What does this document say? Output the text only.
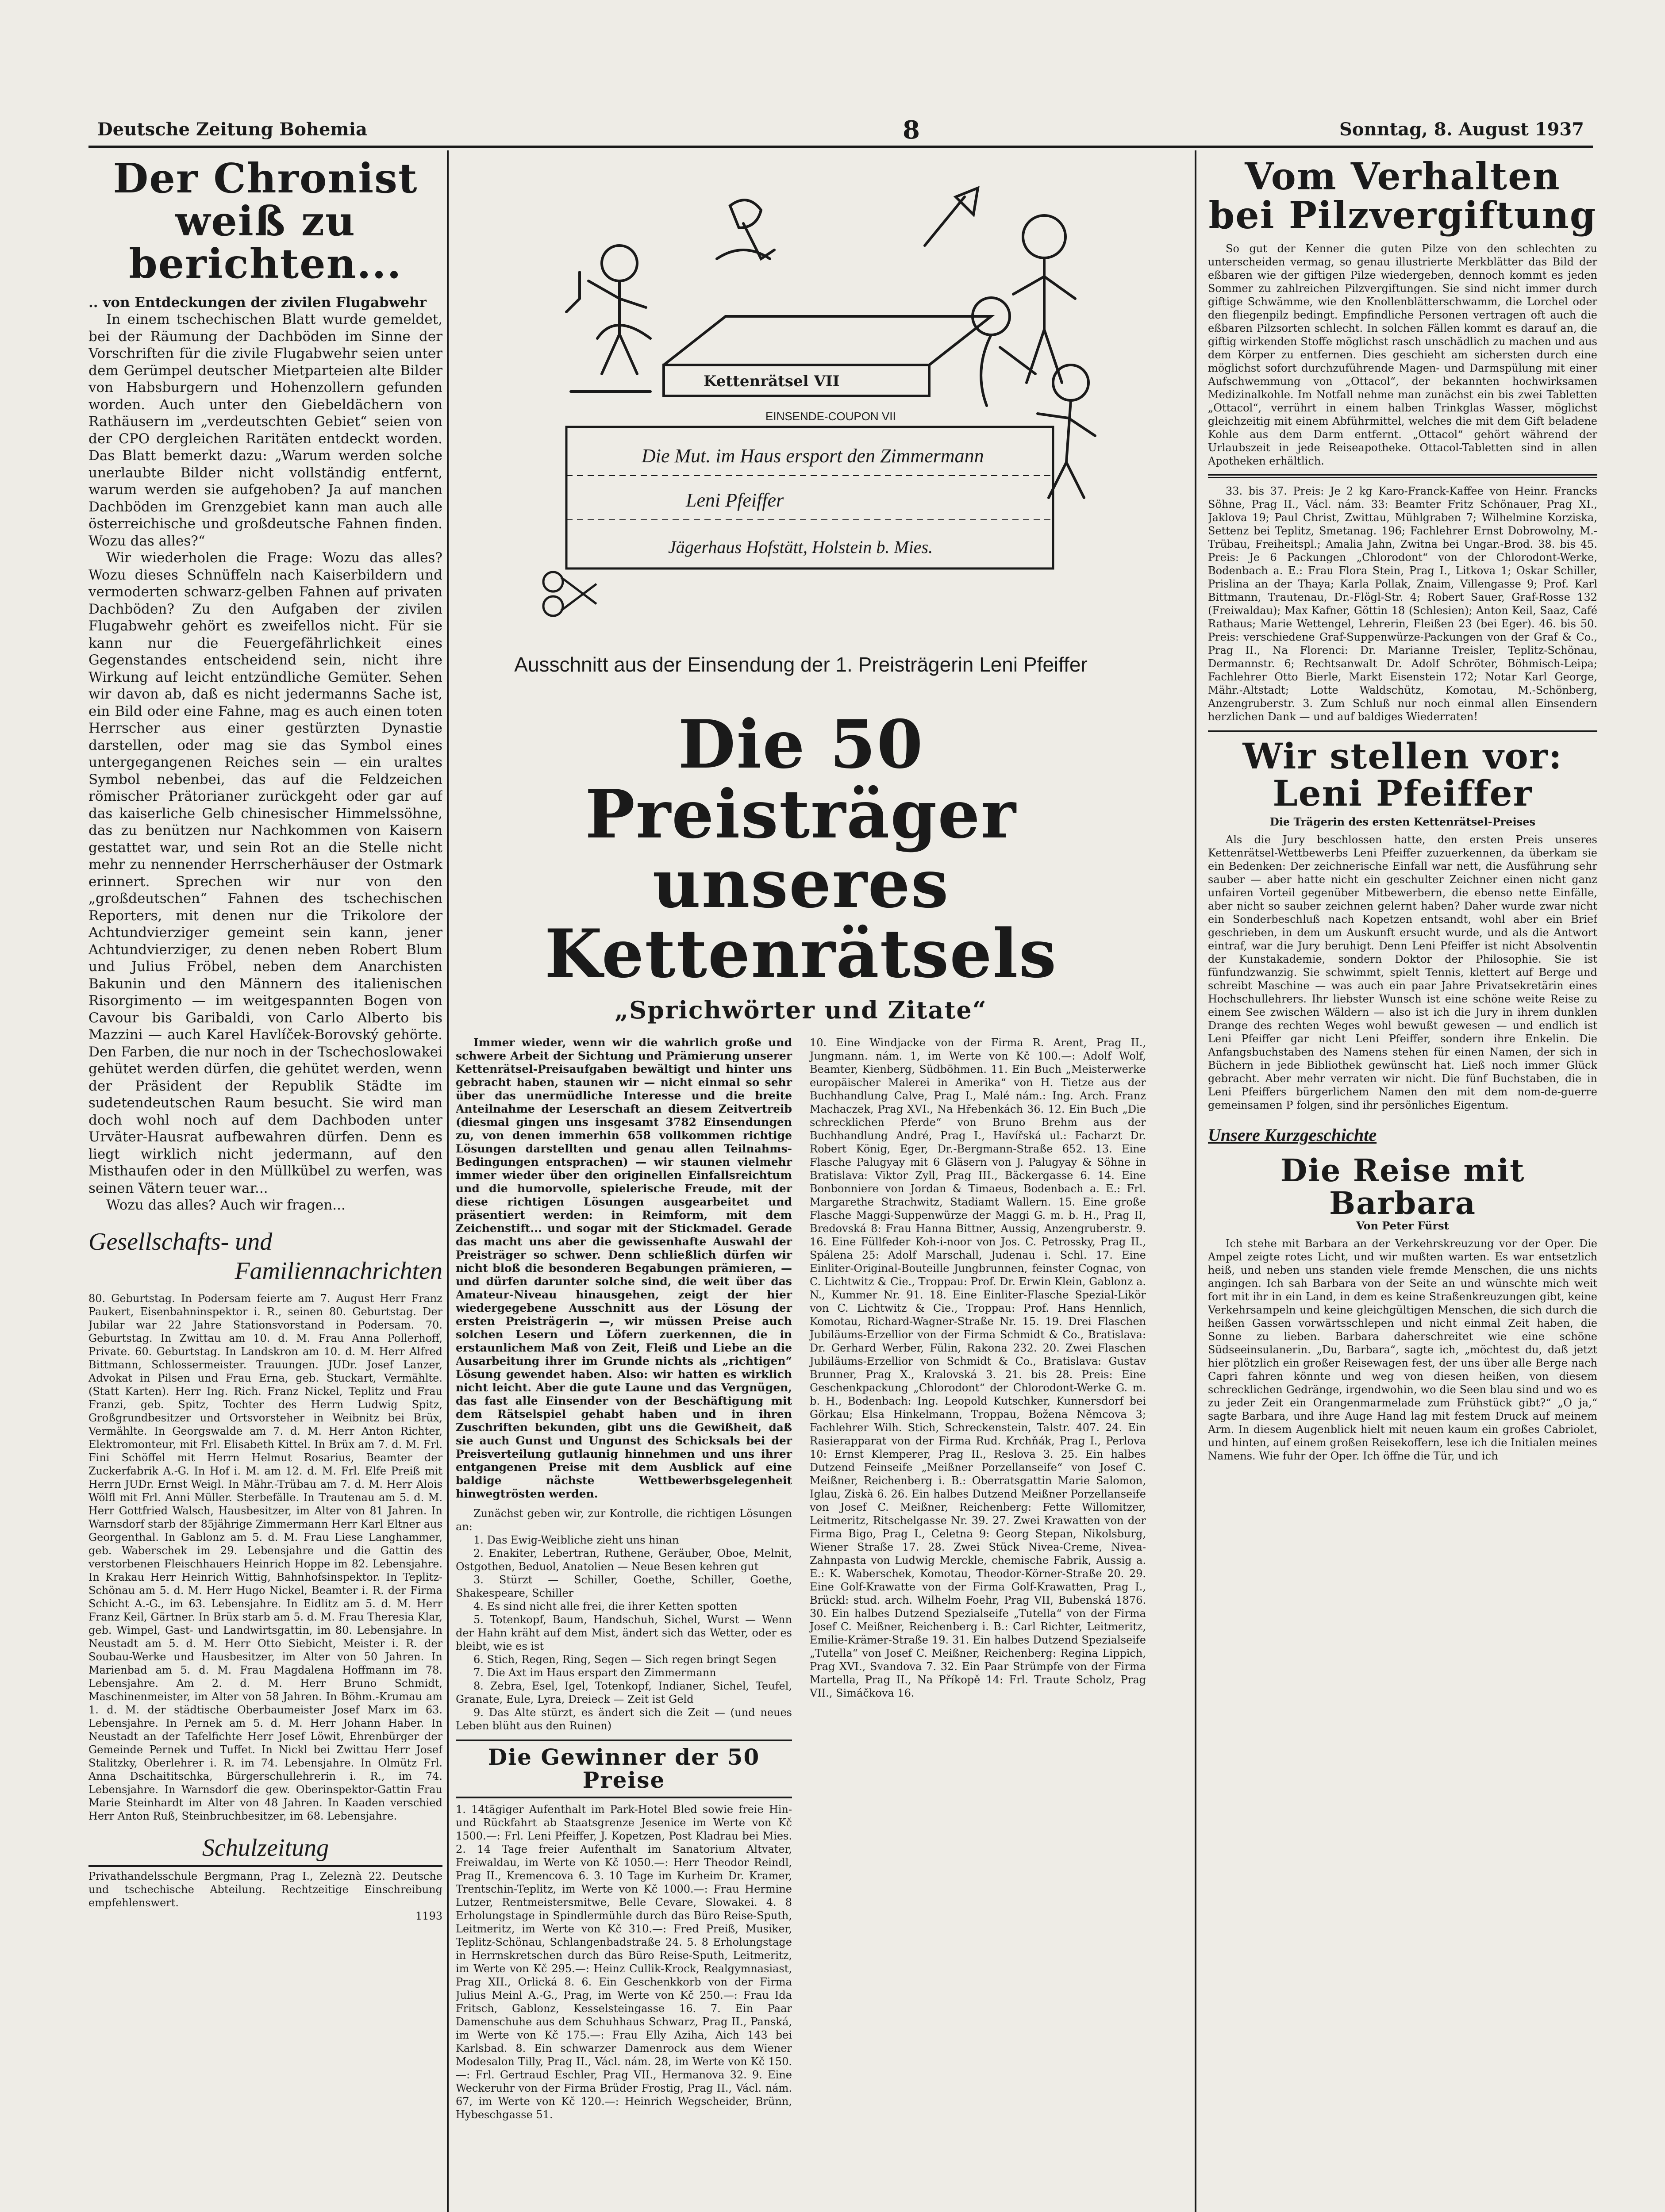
Deutsche Zeitung Bohemia	8	Sonntag, 8. August 1937
Der Chronist weiß zu berichten...
.. von Entdeckungen der zivilen Flugabwehr

In einem tschechischen Blatt wurde gemeldet, bei der Räumung der Dachböden im Sinne der Vorschriften für die zivile Flugabwehr seien unter dem Gerümpel deutscher Mietparteien alte Bilder von Habsburgern und Hohenzollern gefunden worden. Auch unter den Giebeldächern von Rathäusern im „verdeutschten Gebiet“ seien von der CPO dergleichen Raritäten entdeckt worden. Das Blatt bemerkt dazu: „Warum werden solche unerlaubte Bilder nicht vollständig entfernt, warum werden sie aufgehoben? Ja auf manchen Dachböden im Grenzgebiet kann man auch alle österreichische und großdeutsche Fahnen finden. Wozu das alles?“

Wir wiederholen die Frage: Wozu das alles? Wozu dieses Schnüffeln nach Kaiserbildern und vermoderten schwarz-gelben Fahnen auf privaten Dachböden? Zu den Aufgaben der zivilen Flugabwehr gehört es zweifellos nicht. Für sie kann nur die Feuergefährlichkeit eines Gegenstandes entscheidend sein, nicht ihre Wirkung auf leicht entzündliche Gemüter. Sehen wir davon ab, daß es nicht jedermanns Sache ist, ein Bild oder eine Fahne, mag es auch einen toten Herrscher aus einer gestürzten Dynastie darstellen, oder mag sie das Symbol eines untergegangenen Reiches sein — ein uraltes Symbol nebenbei, das auf die Feldzeichen römischer Prätorianer zurückgeht oder gar auf das kaiserliche Gelb chinesischer Himmelssöhne, das zu benützen nur Nachkommen von Kaisern gestattet war, und sein Rot an die Stelle nicht mehr zu nennender Herrscherhäuser der Ostmark erinnert. Sprechen wir nur von den „großdeutschen“ Fahnen des tschechischen Reporters, mit denen nur die Trikolore der Achtundvierziger gemeint sein kann, jener Achtundvierziger, zu denen neben Robert Blum und Julius Fröbel, neben dem Anarchisten Bakunin und den Männern des italienischen Risorgimento — im weitgespannten Bogen von Cavour bis Garibaldi, von Carlo Alberto bis Mazzini — auch Karel Havlíček-Borovský gehörte. Den Farben, die nur noch in der Tschechoslowakei gehütet werden dürfen, die gehütet werden, wenn der Präsident der Republik Städte im sudetendeutschen Raum besucht. Sie wird man doch wohl noch auf dem Dachboden unter Urväter-Hausrat aufbewahren dürfen. Denn es liegt wirklich nicht jedermann, auf den Misthaufen oder in den Müllkübel zu werfen, was seinen Vätern teuer war...

Wozu das alles? Auch wir fragen...

Gesellschafts- und
Familiennachrichten

80. Geburtstag. In Podersam feierte am 7. August Herr Franz Paukert, Eisenbahninspektor i. R., seinen 80. Geburtstag. Der Jubilar war 22 Jahre Stationsvorstand in Podersam. 70. Geburtstag. In Zwittau am 10. d. M. Frau Anna Pollerhoff, Private. 60. Geburtstag. In Landskron am 10. d. M. Herr Alfred Bittmann, Schlossermeister. Trauungen. JUDr. Josef Lanzer, Advokat in Pilsen und Frau Erna, geb. Stuckart, Vermählte. (Statt Karten). Herr Ing. Rich. Franz Nickel, Teplitz und Frau Franzi, geb. Spitz, Tochter des Herrn Ludwig Spitz, Großgrundbesitzer und Ortsvorsteher in Weibnitz bei Brüx, Vermählte. In Georgswalde am 7. d. M. Herr Anton Richter, Elektromonteur, mit Frl. Elisabeth Kittel. In Brüx am 7. d. M. Frl. Fini Schöffel mit Herrn Helmut Rosarius, Beamter der Zuckerfabrik A.-G. In Hof i. M. am 12. d. M. Frl. Elfe Preiß mit Herrn JUDr. Ernst Weigl. In Mähr.-Trübau am 7. d. M. Herr Alois Wölfl mit Frl. Anni Müller. Sterbefälle. In Trautenau am 5. d. M. Herr Gottfried Walsch, Hausbesitzer, im Alter von 81 Jahren. In Warnsdorf starb der 85jährige Zimmermann Herr Karl Eltner aus Georgenthal. In Gablonz am 5. d. M. Frau Liese Langhammer, geb. Waberschek im 29. Lebensjahre und die Gattin des verstorbenen Fleischhauers Heinrich Hoppe im 82. Lebensjahre. In Krakau Herr Heinrich Wittig, Bahnhofsinspektor. In Teplitz-Schönau am 5. d. M. Herr Hugo Nickel, Beamter i. R. der Firma Schicht A.-G., im 63. Lebensjahre. In Eidlitz am 5. d. M. Herr Franz Keil, Gärtner. In Brüx starb am 5. d. M. Frau Theresia Klar, geb. Wimpel, Gast- und Landwirtsgattin, im 80. Lebensjahre. In Neustadt am 5. d. M. Herr Otto Siebicht, Meister i. R. der Soubau-Werke und Hausbesitzer, im Alter von 50 Jahren. In Marienbad am 5. d. M. Frau Magdalena Hoffmann im 78. Lebensjahre. Am 2. d. M. Herr Bruno Schmidt, Maschinenmeister, im Alter von 58 Jahren. In Böhm.-Krumau am 1. d. M. der städtische Oberbaumeister Josef Marx im 63. Lebensjahre. In Pernek am 5. d. M. Herr Johann Haber. In Neustadt an der Tafelfichte Herr Josef Löwit, Ehrenbürger der Gemeinde Pernek und Tuffet. In Nickl bei Zwittau Herr Josef Stalitzky, Oberlehrer i. R. im 74. Lebensjahre. In Olmütz Frl. Anna Dschaititschka, Bürgerschullehrerin i. R., im 74. Lebensjahre. In Warnsdorf die gew. Oberinspektor-Gattin Frau Marie Steinhardt im Alter von 48 Jahren. In Kaaden verschied Herr Anton Ruß, Steinbruchbesitzer, im 68. Lebensjahre.

Schulzeitung

Privathandelsschule Bergmann, Prag I., Zeleznà 22. Deutsche und tschechische Abteilung. Rechtzeitige Einschreibung empfehlenswert.

1193
Kettenrätsel VII
EINSENDE-COUPON VII
Die Mut. im Haus ersport den Zimmermann
Leni Pfeiffer
Jägerhaus Hofstätt, Holstein b. Mies.
Ausschnitt aus der Einsendung der 1. Preisträgerin Leni Pfeiffer
Die 50 Preisträger
unseres Kettenrätsels
„Sprichwörter und Zitate“

Immer wieder, wenn wir die wahrlich große und schwere Arbeit der Sichtung und Prämierung unserer Kettenrätsel-Preisaufgaben bewältigt und hinter uns gebracht haben, staunen wir — nicht einmal so sehr über das unermüdliche Interesse und die breite Anteilnahme der Leserschaft an diesem Zeitvertreib (diesmal gingen uns insgesamt 3782 Einsendungen zu, von denen immerhin 658 vollkommen richtige Lösungen darstellten und genau allen Teilnahms-Bedingungen entsprachen) — wir staunen vielmehr immer wieder über den originellen Einfallsreichtum und die humorvolle, spielerische Freude, mit der diese richtigen Lösungen ausgearbeitet und präsentiert werden: in Reimform, mit dem Zeichenstift... und sogar mit der Stickmadel. Gerade das macht uns aber die gewissenhafte Auswahl der Preisträger so schwer. Denn schließlich dürfen wir nicht bloß die besonderen Begabungen prämieren, — und dürfen darunter solche sind, die weit über das Amateur-Niveau hinausgehen, zeigt der hier wiedergegebene Ausschnitt aus der Lösung der ersten Preisträgerin —, wir müssen Preise auch solchen Lesern und Löfern zuerkennen, die in erstaunlichem Maß von Zeit, Fleiß und Liebe an die Ausarbeitung ihrer im Grunde nichts als „richtigen“ Lösung gewendet haben. Also: wir hatten es wirklich nicht leicht. Aber die gute Laune und das Vergnügen, das fast alle Einsender von der Beschäftigung mit dem Rätselspiel gehabt haben und in ihren Zuschriften bekunden, gibt uns die Gewißheit, daß sie auch Gunst und Ungunst des Schicksals bei der Preisverteilung gutlaunig hinnehmen und uns ihrer entgangenen Preise mit dem Ausblick auf eine baldige nächste Wettbewerbsgelegenheit hinwegtrösten werden.

Zunächst geben wir, zur Kontrolle, die richtigen Lösungen an:

1. Das Ewig-Weibliche zieht uns hinan

2. Enakiter, Lebertran, Ruthene, Geräuber, Oboe, Melnit, Ostgothen, Beduol, Anatolien — Neue Besen kehren gut

3. Stürzt — Schiller, Goethe, Schiller, Goethe, Shakespeare, Schiller

4. Es sind nicht alle frei, die ihrer Ketten spotten

5. Totenkopf, Baum, Handschuh, Sichel, Wurst — Wenn der Hahn kräht auf dem Mist, ändert sich das Wetter, oder es bleibt, wie es ist

6. Stich, Regen, Ring, Segen — Sich regen bringt Segen

7. Die Axt im Haus erspart den Zimmermann

8. Zebra, Esel, Igel, Totenkopf, Indianer, Sichel, Teufel, Granate, Eule, Lyra, Dreieck — Zeit ist Geld

9. Das Alte stürzt, es ändert sich die Zeit — (und neues Leben blüht aus den Ruinen)

Die Gewinner der 50 Preise

1. 14tägiger Aufenthalt im Park-Hotel Bled sowie freie Hin- und Rückfahrt ab Staatsgrenze Jesenice im Werte von Kč 1500.—: Frl. Leni Pfeiffer, J. Kopetzen, Post Kladrau bei Mies. 2. 14 Tage freier Aufenthalt im Sanatorium Altvater, Freiwaldau, im Werte von Kč 1050.—: Herr Theodor Reindl, Prag II., Kremencova 6. 3. 10 Tage im Kurheim Dr. Kramer, Trentschin-Teplitz, im Werte von Kč 1000.—: Frau Hermine Lutzer, Rentmeistersmitwe, Belle Cevare, Slowakei. 4. 8 Erholungstage in Spindlermühle durch das Büro Reise-Sputh, Leitmeritz, im Werte von Kč 310.—: Fred Preiß, Musiker, Teplitz-Schönau, Schlangenbadstraße 24. 5. 8 Erholungstage in Herrnskretschen durch das Büro Reise-Sputh, Leitmeritz, im Werte von Kč 295.—: Heinz Cullik-Krock, Realgymnasiast, Prag XII., Orlická 8. 6. Ein Geschenkkorb von der Firma Julius Meinl A.-G., Prag, im Werte von Kč 250.—: Frau Ida Fritsch, Gablonz, Kesselsteingasse 16. 7. Ein Paar Damenschuhe aus dem Schuhhaus Schwarz, Prag II., Panská, im Werte von Kč 175.—: Frau Elly Aziha, Aich 143 bei Karlsbad. 8. Ein schwarzer Damenrock aus dem Wiener Modesalon Tilly, Prag II., Václ. nám. 28, im Werte von Kč 150.—: Frl. Gertraud Eschler, Prag VII., Hermanova 32. 9. Eine Weckeruhr von der Firma Brüder Frostig, Prag II., Václ. nám. 67, im Werte von Kč 120.—: Heinrich Wegscheider, Brünn, Hybeschgasse 51.

10. Eine Windjacke von der Firma R. Arent, Prag II., Jungmann. nám. 1, im Werte von Kč 100.—: Adolf Wolf, Beamter, Kienberg, Südböhmen. 11. Ein Buch „Meisterwerke europäischer Malerei in Amerika“ von H. Tietze aus der Buchhandlung Calve, Prag I., Malé nám.: Ing. Arch. Franz Machaczek, Prag XVI., Na Hřebenkách 36. 12. Ein Buch „Die schrecklichen Pferde“ von Bruno Brehm aus der Buchhandlung André, Prag I., Havířská ul.: Facharzt Dr. Robert König, Eger, Dr.-Bergmann-Straße 652. 13. Eine Flasche Palugyay mit 6 Gläsern von J. Palugyay & Söhne in Bratislava: Viktor Zyll, Prag III., Bäckergasse 6. 14. Eine Bonbonniere von Jordan & Timaeus, Bodenbach a. E.: Frl. Margarethe Strachwitz, Stadiamt Wallern. 15. Eine große Flasche Maggi-Suppenwürze der Maggi G. m. b. H., Prag II, Bredovská 8: Frau Hanna Bittner, Aussig, Anzengruberstr. 9. 16. Eine Füllfeder Koh-i-noor von Jos. C. Petrossky, Prag II., Spálena 25: Adolf Marschall, Judenau i. Schl. 17. Eine Einliter-Original-Bouteille Jungbrunnen, feinster Cognac, von C. Lichtwitz & Cie., Troppau: Prof. Dr. Erwin Klein, Gablonz a. N., Kummer Nr. 91. 18. Eine Einliter-Flasche Spezial-Likör von C. Lichtwitz & Cie., Troppau: Prof. Hans Hennlich, Komotau, Richard-Wagner-Straße Nr. 15. 19. Drei Flaschen Jubiläums-Erzellior von der Firma Schmidt & Co., Bratislava: Dr. Gerhard Werber, Fülin, Rakona 232. 20. Zwei Flaschen Jubiläums-Erzellior von Schmidt & Co., Bratislava: Gustav Brunner, Prag X., Kralovská 3. 21. bis 28. Preis: Eine Geschenkpackung „Chlorodont“ der Chlorodont-Werke G. m. b. H., Bodenbach: Ing. Leopold Kutschker, Kunnersdorf bei Görkau; Elsa Hinkelmann, Troppau, Božena Němcova 3; Fachlehrer Wilh. Stich, Schreckenstein, Talstr. 407. 24. Ein Rasierapparat von der Firma Rud. Krchňák, Prag I., Perlova 10: Ernst Klemperer, Prag II., Reslova 3. 25. Ein halbes Dutzend Feinseife „Meißner Porzellanseife“ von Josef C. Meißner, Reichenberg i. B.: Oberratsgattin Marie Salomon, Iglau, Ziskà 6. 26. Ein halbes Dutzend Meißner Porzellanseife von Josef C. Meißner, Reichenberg: Fette Willomitzer, Leitmeritz, Ritschelgasse Nr. 39. 27. Zwei Krawatten von der Firma Bigo, Prag I., Celetna 9: Georg Stepan, Nikolsburg, Wiener Straße 17. 28. Zwei Stück Nivea-Creme, Nivea-Zahnpasta von Ludwig Merckle, chemische Fabrik, Aussig a. E.: K. Waberschek, Komotau, Theodor-Körner-Straße 20. 29. Eine Golf-Krawatte von der Firma Golf-Krawatten, Prag I., Brückl: stud. arch. Wilhelm Foehr, Prag VII, Bubenská 1876. 30. Ein halbes Dutzend Spezialseife „Tutella“ von der Firma Josef C. Meißner, Reichenberg i. B.: Carl Richter, Leitmeritz, Emilie-Krämer-Straße 19. 31. Ein halbes Dutzend Spezialseife „Tutella“ von Josef C. Meißner, Reichenberg: Regina Lippich, Prag XVI., Svandova 7. 32. Ein Paar Strümpfe von der Firma Martella, Prag II., Na Příkopě 14: Frl. Traute Scholz, Prag VII., Simáčkova 16.

Vom Verhalten bei Pilzvergiftung

So gut der Kenner die guten Pilze von den schlechten zu unterscheiden vermag, so genau illustrierte Merkblätter das Bild der eßbaren wie der giftigen Pilze wiedergeben, dennoch kommt es jeden Sommer zu zahlreichen Pilzvergiftungen. Sie sind nicht immer durch giftige Schwämme, wie den Knollenblätterschwamm, die Lorchel oder den fliegenpilz bedingt. Empfindliche Personen vertragen oft auch die eßbaren Pilzsorten schlecht. In solchen Fällen kommt es darauf an, die giftig wirkenden Stoffe möglichst rasch unschädlich zu machen und aus dem Körper zu entfernen. Dies geschieht am sichersten durch eine möglichst sofort durchzuführende Magen- und Darmspülung mit einer Aufschwemmung von „Ottacol“, der bekannten hochwirksamen Medizinalkohle. Im Notfall nehme man zunächst ein bis zwei Tabletten „Ottacol“, verrührt in einem halben Trinkglas Wasser, möglichst gleichzeitig mit einem Abführmittel, welches die mit dem Gift beladene Kohle aus dem Darm entfernt. „Ottacol“ gehört während der Urlaubszeit in jede Reiseapotheke. Ottacol-Tabletten sind in allen Apotheken erhältlich.

33. bis 37. Preis: Je 2 kg Karo-Franck-Kaffee von Heinr. Francks Söhne, Prag II., Václ. nám. 33: Beamter Fritz Schönauer, Prag XI., Jaklova 19; Paul Christ, Zwittau, Mühlgraben 7; Wilhelmine Korziska, Settenz bei Teplitz, Smetanag. 196; Fachlehrer Ernst Dobrowolny, M.-Trübau, Freiheitspl.; Amalia Jahn, Zwitna bei Ungar.-Brod. 38. bis 45. Preis: Je 6 Packungen „Chlorodont“ von der Chlorodont-Werke, Bodenbach a. E.: Frau Flora Stein, Prag I., Litkova 1; Oskar Schiller, Prislina an der Thaya; Karla Pollak, Znaim, Villengasse 9; Prof. Karl Bittmann, Trautenau, Dr.-Flögl-Str. 4; Robert Sauer, Graf-Rosse 132 (Freiwaldau); Max Kafner, Göttin 18 (Schlesien); Anton Keil, Saaz, Café Rathaus; Marie Wettengel, Lehrerin, Fleißen 23 (bei Eger). 46. bis 50. Preis: verschiedene Graf-Suppenwürze-Packungen von der Graf & Co., Prag II., Na Florenci: Dr. Marianne Treisler, Teplitz-Schönau, Dermannstr. 6; Rechtsanwalt Dr. Adolf Schröter, Böhmisch-Leipa; Fachlehrer Otto Bierle, Markt Eisenstein 172; Notar Karl George, Mähr.-Altstadt; Lotte Waldschütz, Komotau, M.-Schönberg, Anzengruberstr. 3. Zum Schluß nur noch einmal allen Einsendern herzlichen Dank — und auf baldiges Wiederraten!

Wir stellen vor:
Leni Pfeiffer
Die Trägerin des ersten Kettenrätsel-Preises

Als die Jury beschlossen hatte, den ersten Preis unseres Kettenrätsel-Wettbewerbs Leni Pfeiffer zuzuerkennen, da überkam sie ein Bedenken: Der zeichnerische Einfall war nett, die Ausführung sehr sauber — aber hatte nicht ein geschulter Zeichner einen nicht ganz unfairen Vorteil gegenüber Mitbewerbern, die ebenso nette Einfälle, aber nicht so sauber zeichnen gelernt haben? Daher wurde zwar nicht ein Sonderbeschluß nach Kopetzen entsandt, wohl aber ein Brief geschrieben, in dem um Auskunft ersucht wurde, und als die Antwort eintraf, war die Jury beruhigt. Denn Leni Pfeiffer ist nicht Absolventin der Kunstakademie, sondern Doktor der Philosophie. Sie ist fünfundzwanzig. Sie schwimmt, spielt Tennis, klettert auf Berge und schreibt Maschine — was auch ein paar Jahre Privatsekretärin eines Hochschullehrers. Ihr liebster Wunsch ist eine schöne weite Reise zu einem See zwischen Wäldern — also ist ich die Jury in ihrem dunklen Drange des rechten Weges wohl bewußt gewesen — und endlich ist Leni Pfeiffer gar nicht Leni Pfeiffer, sondern ihre Enkelin. Die Anfangsbuchstaben des Namens stehen für einen Namen, der sich in Büchern in jede Bibliothek gewünscht hat. Ließ noch immer Glück gebracht. Aber mehr verraten wir nicht. Die fünf Buchstaben, die in Leni Pfeiffers bürgerlichem Namen den mit dem nom-de-guerre gemeinsamen P folgen, sind ihr persönliches Eigentum.

Unsere Kurzgeschichte
Die Reise mit Barbara
Von Peter Fürst

Ich stehe mit Barbara an der Verkehrskreuzung vor der Oper. Die Ampel zeigte rotes Licht, und wir mußten warten. Es war entsetzlich heiß, und neben uns standen viele fremde Menschen, die uns nichts angingen. Ich sah Barbara von der Seite an und wünschte mich weit fort mit ihr in ein Land, in dem es keine Straßenkreuzungen gibt, keine Verkehrsampeln und keine gleichgültigen Menschen, die sich durch die heißen Gassen vorwärtsschlepen und nicht einmal Zeit haben, die Sonne zu lieben. Barbara daherschreitet wie eine schöne Südseeinsulanerin. „Du, Barbara“, sagte ich, „möchtest du, daß jetzt hier plötzlich ein großer Reisewagen fest, der uns über alle Berge nach Capri fahren könnte und weg von diesen heißen, von diesem schrecklichen Gedränge, irgendwohin, wo die Seen blau sind und wo es zu jeder Zeit ein Orangenmarmelade zum Frühstück gibt?“ „O ja,“ sagte Barbara, und ihre Auge Hand lag mit festem Druck auf meinem Arm. In diesem Augenblick hielt mit neuen kaum ein großes Cabriolet, und hinten, auf einem großen Reisekoffern, lese ich die Initialen meines Namens. Wie fuhr der Oper. Ich öffne die Tür, und ich
